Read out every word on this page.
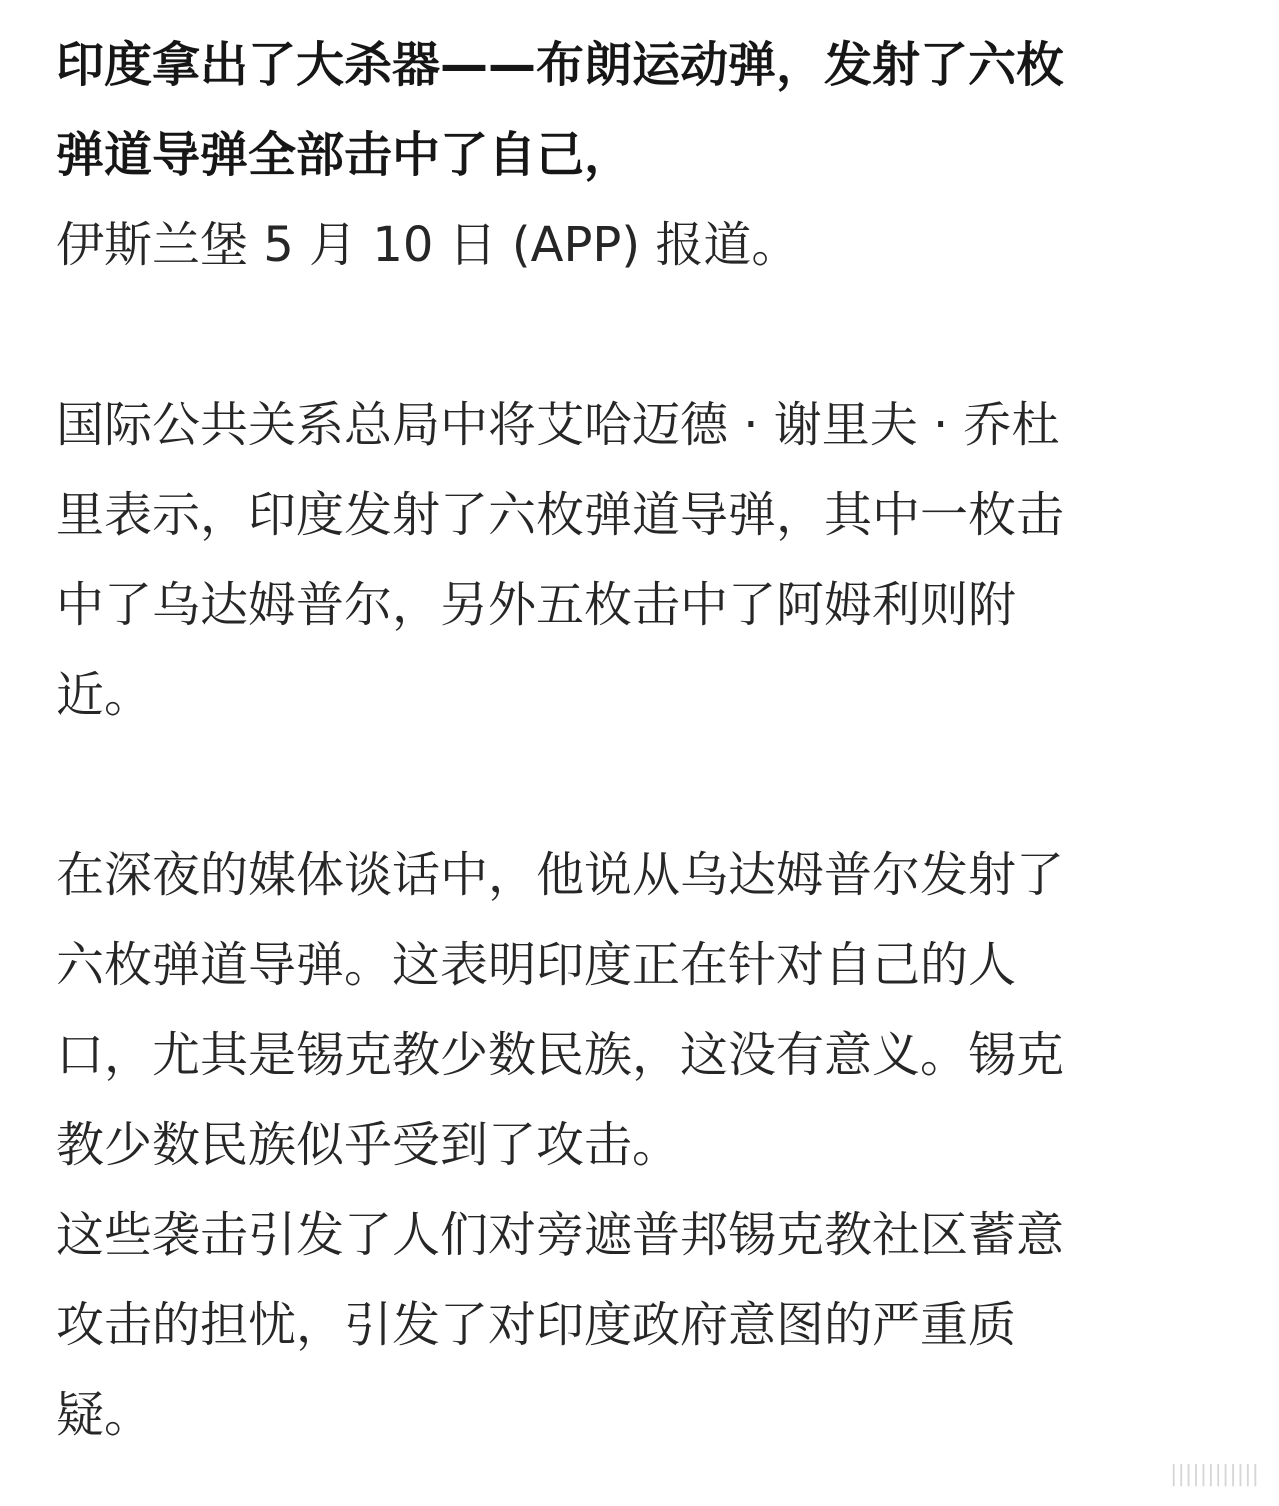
印度拿出了大杀器——布朗运动弹，发射了六枚
弹道导弹全部击中了自己，
伊斯兰堡 5 月 10 日 (APP) 报道。
国际公共关系总局中将艾哈迈德 · 谢里夫 · 乔杜
里表示，印度发射了六枚弹道导弹，其中一枚击
中了乌达姆普尔，另外五枚击中了阿姆利则附
近。
在深夜的媒体谈话中，他说从乌达姆普尔发射了
六枚弹道导弹。这表明印度正在针对自己的人
口，尤其是锡克教少数民族，这没有意义。锡克
教少数民族似乎受到了攻击。
这些袭击引发了人们对旁遮普邦锡克教社区蓄意
攻击的担忧，引发了对印度政府意图的严重质
疑。
||||||||||||
